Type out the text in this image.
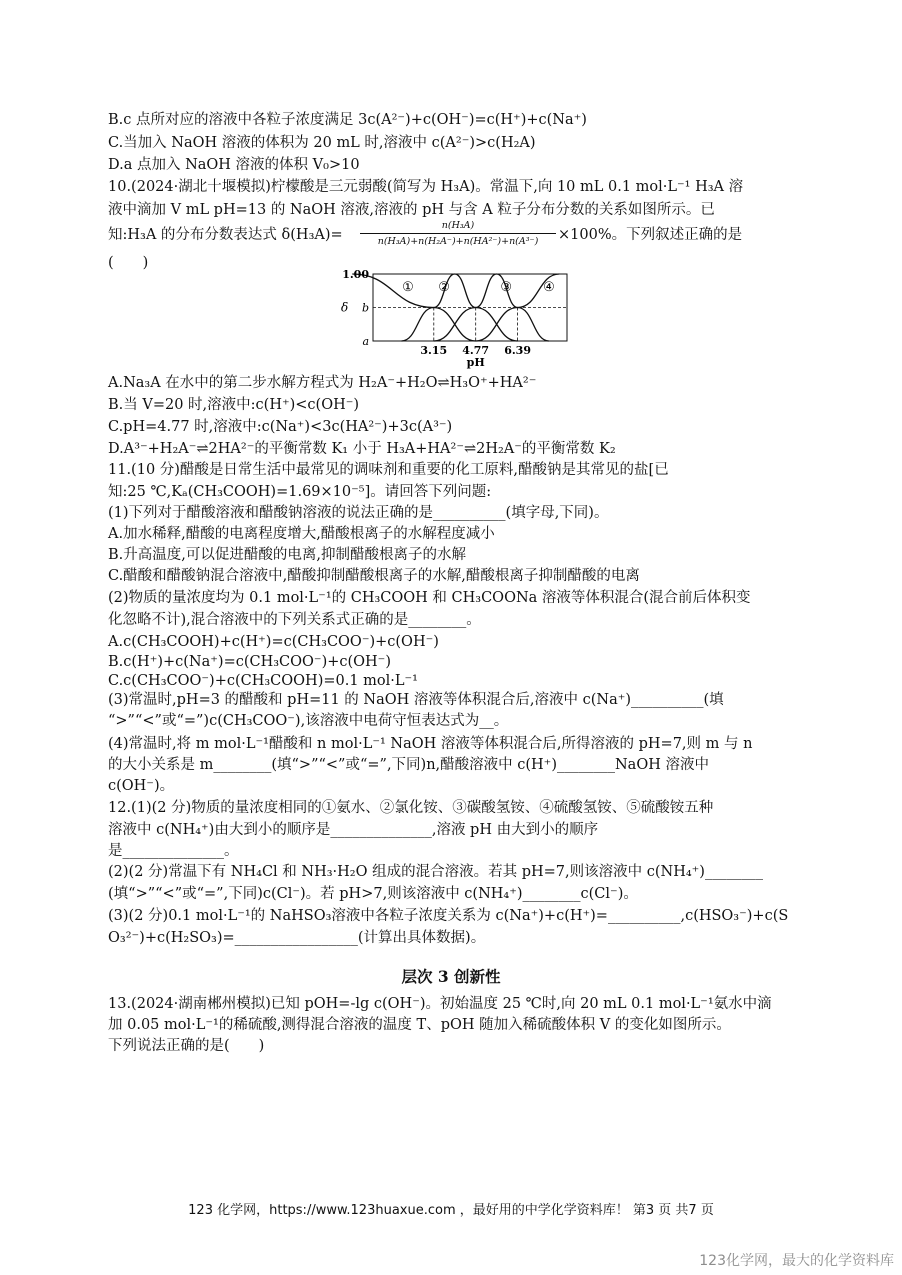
B.c 点所对应的溶液中各粒子浓度满足 3c(A²⁻)+c(OH⁻)=c(H⁺)+c(Na⁺)
C.当加入 NaOH 溶液的体积为 20 mL 时,溶液中 c(A²⁻)>c(H₂A)
D.a 点加入 NaOH 溶液的体积 V₀>10
10.(2024·湖北十堰模拟)柠檬酸是三元弱酸(简写为 H₃A)。常温下,向 10 mL 0.1 mol·L⁻¹ H₃A 溶
液中滴加 V mL pH=13 的 NaOH 溶液,溶液的 pH 与含 A 粒子分布分数的关系如图所示。已
知:H₃A 的分布分数表达式 δ(H₃A)=
n(H₃A)
n(H₃A)+n(H₂A⁻)+n(HA²⁻)+n(A³⁻)	×100%。下列叙述正确的是
(　　)
3.15 4.77 6.39
① ②	③ ④
1.00
b
a
δ
pH
A.Na₃A 在水中的第二步水解方程式为 H₂A⁻+H₂O⇌H₃O⁺+HA²⁻
B.当 V=20 时,溶液中:c(H⁺)<c(OH⁻)
C.pH=4.77 时,溶液中:c(Na⁺)<3c(HA²⁻)+3c(A³⁻)
D.A³⁻+H₂A⁻⇌2HA²⁻的平衡常数 K₁ 小于 H₃A+HA²⁻⇌2H₂A⁻的平衡常数 K₂
11.(10 分)醋酸是日常生活中最常见的调味剂和重要的化工原料,醋酸钠是其常见的盐[已
知:25 ℃,Kₐ(CH₃COOH)=1.69×10⁻⁵]。请回答下列问题:
(1)下列对于醋酸溶液和醋酸钠溶液的说法正确的是__________(填字母,下同)。
A.加水稀释,醋酸的电离程度增大,醋酸根离子的水解程度减小
B.升高温度,可以促进醋酸的电离,抑制醋酸根离子的水解
C.醋酸和醋酸钠混合溶液中,醋酸抑制醋酸根离子的水解,醋酸根离子抑制醋酸的电离
(2)物质的量浓度均为 0.1 mol·L⁻¹的 CH₃COOH 和 CH₃COONa 溶液等体积混合(混合前后体积变
化忽略不计),混合溶液中的下列关系式正确的是________。
A.c(CH₃COOH)+c(H⁺)=c(CH₃COO⁻)+c(OH⁻)
B.c(H⁺)+c(Na⁺)=c(CH₃COO⁻)+c(OH⁻)
C.c(CH₃COO⁻)+c(CH₃COOH)=0.1 mol·L⁻¹
(3)常温时,pH=3 的醋酸和 pH=11 的 NaOH 溶液等体积混合后,溶液中 c(Na⁺)__________(填
“>”“<”或“=”)c(CH₃COO⁻),该溶液中电荷守恒表达式为__。
(4)常温时,将 m mol·L⁻¹醋酸和 n mol·L⁻¹ NaOH 溶液等体积混合后,所得溶液的 pH=7,则 m 与 n
的大小关系是 m________(填“>”“<”或“=”,下同)n,醋酸溶液中 c(H⁺)________NaOH 溶液中
c(OH⁻)。
12.(1)(2 分)物质的量浓度相同的①氨水、②氯化铵、③碳酸氢铵、④硫酸氢铵、⑤硫酸铵五种
溶液中 c(NH₄⁺)由大到小的顺序是______________,溶液 pH 由大到小的顺序
是______________。
(2)(2 分)常温下有 NH₄Cl 和 NH₃·H₂O 组成的混合溶液。若其 pH=7,则该溶液中 c(NH₄⁺)________
(填“>”“<”或“=”,下同)c(Cl⁻)。若 pH>7,则该溶液中 c(NH₄⁺)________c(Cl⁻)。
(3)(2 分)0.1 mol·L⁻¹的 NaHSO₃溶液中各粒子浓度关系为 c(Na⁺)+c(H⁺)=__________,c(HSO₃⁻)+c(S
O₃²⁻)+c(H₂SO₃)=_________________(计算出具体数据)。
层次 3 创新性
13.(2024·湖南郴州模拟)已知 pOH=-lg c(OH⁻)。初始温度 25 ℃时,向 20 mL 0.1 mol·L⁻¹氨水中滴
加 0.05 mol·L⁻¹的稀硫酸,测得混合溶液的温度 T、pOH 随加入稀硫酸体积 V 的变化如图所示。
下列说法正确的是(　　)
123 化学网，https://www.123huaxue.com ，最好用的中学化学资料库！ 第3 页 共7 页
123化学网，最大的化学资料库
